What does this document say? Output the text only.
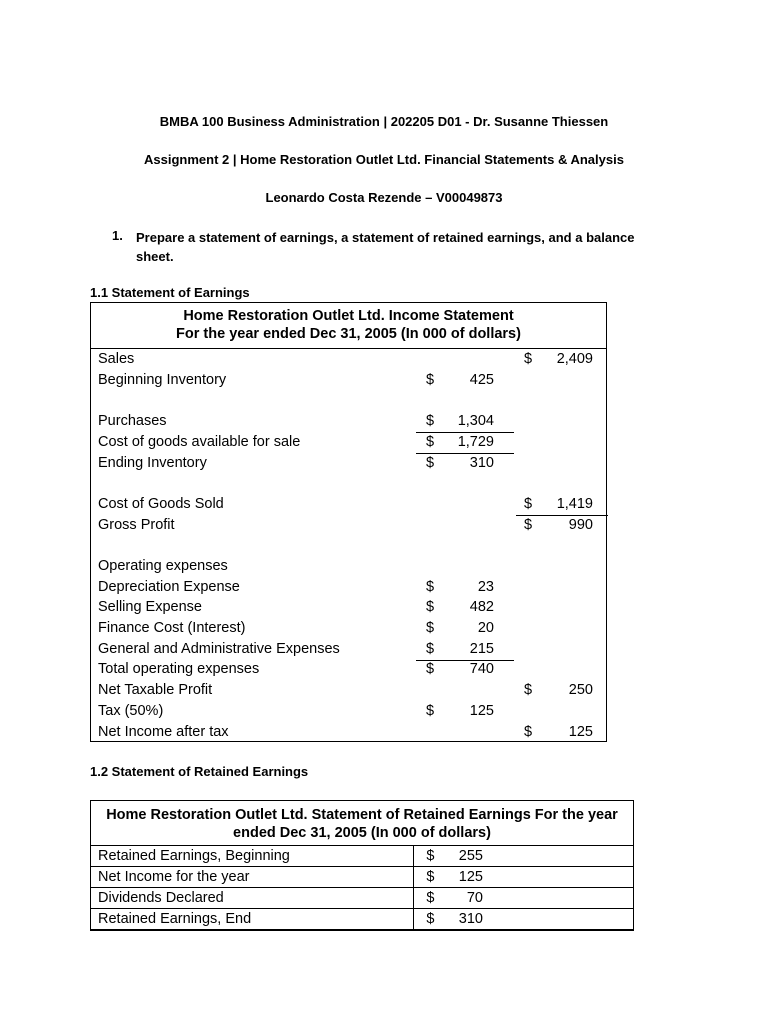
BMBA 100 Business Administration | 202205 D01 - Dr. Susanne Thiessen
Assignment 2 | Home Restoration Outlet Ltd. Financial Statements & Analysis
Leonardo Costa Rezende – V00049873
1. Prepare a statement of earnings, a statement of retained earnings, and a balance sheet.
1.1 Statement of Earnings
Home Restoration Outlet Ltd. Income Statement
For the year ended Dec 31, 2005 (In 000 of dollars)
Sales	$	2,409
Beginning Inventory	$	425
Purchases	$	1,304
Cost of goods available for sale	$	1,729
Ending Inventory	$	310
Cost of Goods Sold	$	1,419
Gross Profit	$	990
Operating expenses
Depreciation Expense	$	23
Selling Expense	$	482
Finance Cost (Interest)	$	20
General and Administrative Expenses	$	215
Total operating expenses	$	740
Net Taxable Profit	$	250
Tax (50%)	$	125
Net Income after tax	$	125
1.2 Statement of Retained Earnings
Home Restoration Outlet Ltd. Statement of Retained Earnings For the year ended Dec 31, 2005 (In 000 of dollars)		
Retained Earnings, Beginning	$	255
Net Income for the year	$	125
Dividends Declared	$	70
Retained Earnings, End	$	310
